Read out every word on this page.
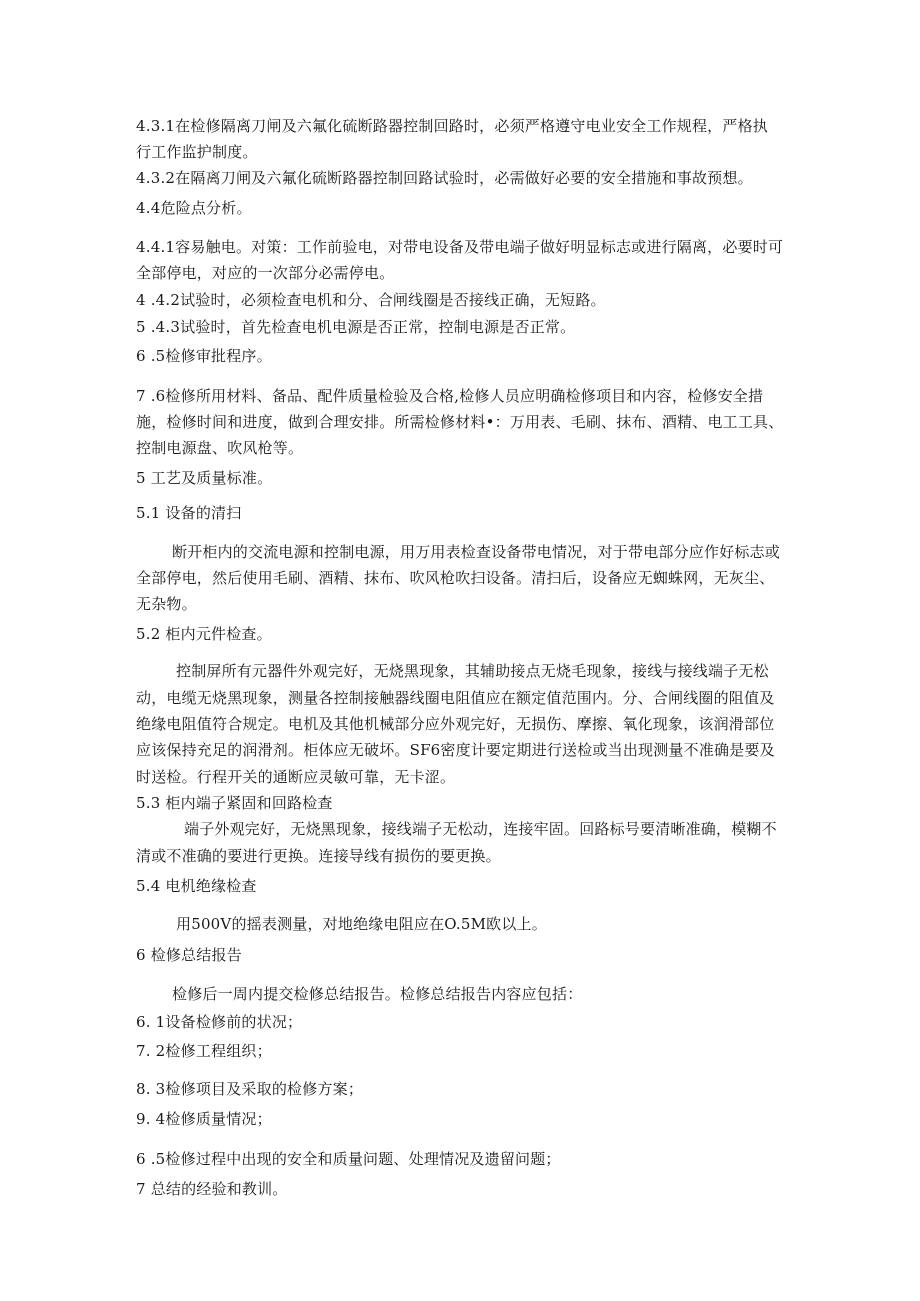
4.3.1在检修隔离刀闸及六氟化硫断路器控制回路时，必须严格遵守电业安全工作规程，严格执
行工作监护制度。
4.3.2在隔离刀闸及六氟化硫断路器控制回路试验时，必需做好必要的安全措施和事故预想。
4.4危险点分析。
4.4.1容易触电。对策：工作前验电，对带电设备及带电端子做好明显标志或进行隔离，必要时可
全部停电，对应的一次部分必需停电。
4 .4.2试验时，必须检查电机和分、合闸线圈是否接线正确，无短路。
5 .4.3试验时，首先检查电机电源是否正常，控制电源是否正常。
6 .5检修审批程序。
7 .6检修所用材料、备品、配件质量检验及合格,检修人员应明确检修项目和内容，检修安全措
施，检修时间和进度，做到合理安排。所需检修材料•：万用表、毛刷、抹布、酒精、电工工具、
控制电源盘、吹风枪等。
5 工艺及质量标准。
5.1 设备的清扫
断开柜内的交流电源和控制电源，用万用表检查设备带电情况，对于带电部分应作好标志或
全部停电，然后使用毛刷、酒精、抹布、吹风枪吹扫设备。清扫后，设备应无蜘蛛网，无灰尘、
无杂物。
5.2 柜内元件检查。
控制屏所有元器件外观完好，无烧黑现象，其辅助接点无烧毛现象，接线与接线端子无松
动，电缆无烧黑现象，测量各控制接触器线圈电阻值应在额定值范围内。分、合闸线圈的阻值及
绝缘电阻值符合规定。电机及其他机械部分应外观完好，无损伤、摩擦、氧化现象，该润滑部位
应该保持充足的润滑剂。柜体应无破坏。SF6密度计要定期进行送检或当出现测量不准确是要及
时送检。行程开关的通断应灵敏可靠，无卡涩。
5.3 柜内端子紧固和回路检查
端子外观完好，无烧黑现象，接线端子无松动，连接牢固。回路标号要清晰准确，模糊不
清或不准确的要进行更换。连接导线有损伤的要更换。
5.4 电机绝缘检查
用500V的摇表测量，对地绝缘电阻应在O.5M欧以上。
6 检修总结报告
检修后一周内提交检修总结报告。检修总结报告内容应包括：
6. 1设备检修前的状况；
7. 2检修工程组织；
8. 3检修项目及采取的检修方案；
9. 4检修质量情况；
6 .5检修过程中出现的安全和质量问题、处理情况及遗留问题；
7 总结的经验和教训。
